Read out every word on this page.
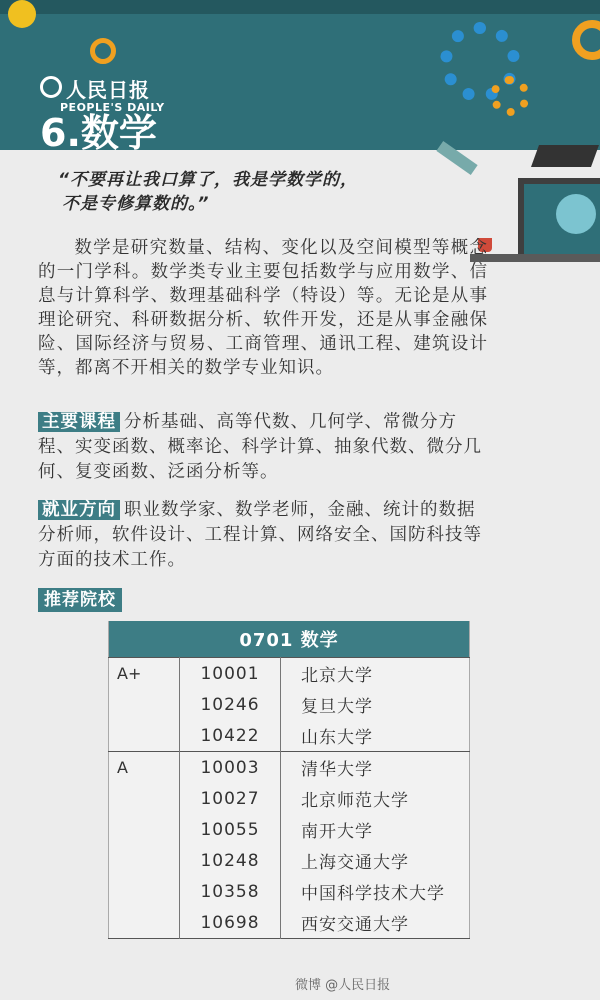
人民日报
PEOPLE'S DAILY
6.数学
“不要再让我口算了，我是学数学的，
不是专修算数的。”
数学是研究数量、结构、变化以及空间模型等概念的一门学科。数学类专业主要包括数学与应用数学、信息与计算科学、数理基础科学（特设）等。无论是从事理论研究、科研数据分析、软件开发，还是从事金融保险、国际经济与贸易、工商管理、通讯工程、建筑设计等，都离不开相关的数学专业知识。
主要课程 分析基础、高等代数、几何学、常微分方程、实变函数、概率论、科学计算、抽象代数、微分几何、复变函数、泛函分析等。
就业方向 职业数学家、数学老师，金融、统计的数据分析师，软件设计、工程计算、网络安全、国防科技等方面的技术工作。
推荐院校
0701 数学		
A+	10001	北京大学
	10246	复旦大学
	10422	山东大学
A	10003	清华大学
	10027	北京师范大学
	10055	南开大学
	10248	上海交通大学
	10358	中国科学技术大学
	10698	西安交通大学
微博 @人民日报
